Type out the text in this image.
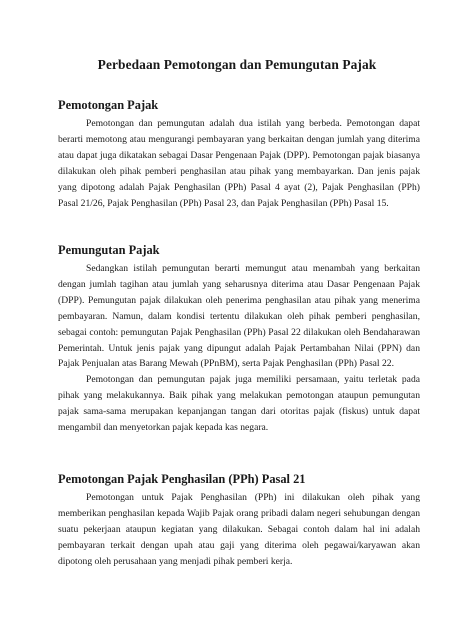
Perbedaan Pemotongan dan Pemungutan Pajak
Pemotongan Pajak

Pemotongan dan pemungutan adalah dua istilah yang berbeda. Pemotongan dapat berarti memotong atau mengurangi pembayaran yang berkaitan dengan jumlah yang diterima atau dapat juga dikatakan sebagai Dasar Pengenaan Pajak (DPP). Pemotongan pajak biasanya dilakukan oleh pihak pemberi penghasilan atau pihak yang membayarkan. Dan jenis pajak yang dipotong adalah Pajak Penghasilan (PPh) Pasal 4 ayat (2), Pajak Penghasilan (PPh) Pasal 21/26, Pajak Penghasilan (PPh) Pasal 23, dan Pajak Penghasilan (PPh) Pasal 15.

Pemungutan Pajak

Sedangkan istilah pemungutan berarti memungut atau menambah yang berkaitan dengan jumlah tagihan atau jumlah yang seharusnya diterima atau Dasar Pengenaan Pajak (DPP). Pemungutan pajak dilakukan oleh penerima penghasilan atau pihak yang menerima pembayaran. Namun, dalam kondisi tertentu dilakukan oleh pihak pemberi penghasilan, sebagai contoh: pemungutan Pajak Penghasilan (PPh) Pasal 22 dilakukan oleh Bendaharawan Pemerintah. Untuk jenis pajak yang dipungut adalah Pajak Pertambahan Nilai (PPN) dan Pajak Penjualan atas Barang Mewah (PPnBM), serta Pajak Penghasilan (PPh) Pasal 22.

Pemotongan dan pemungutan pajak juga memiliki persamaan, yaitu terletak pada pihak yang melakukannya. Baik pihak yang melakukan pemotongan ataupun pemungutan pajak sama-sama merupakan kepanjangan tangan dari otoritas pajak (fiskus) untuk dapat mengambil dan menyetorkan pajak kepada kas negara.

Pemotongan Pajak Penghasilan (PPh) Pasal 21

Pemotongan untuk Pajak Penghasilan (PPh) ini dilakukan oleh pihak yang memberikan penghasilan kepada Wajib Pajak orang pribadi dalam negeri sehubungan dengan suatu pekerjaan ataupun kegiatan yang dilakukan. Sebagai contoh dalam hal ini adalah pembayaran terkait dengan upah atau gaji yang diterima oleh pegawai/karyawan akan dipotong oleh perusahaan yang menjadi pihak pemberi kerja.
